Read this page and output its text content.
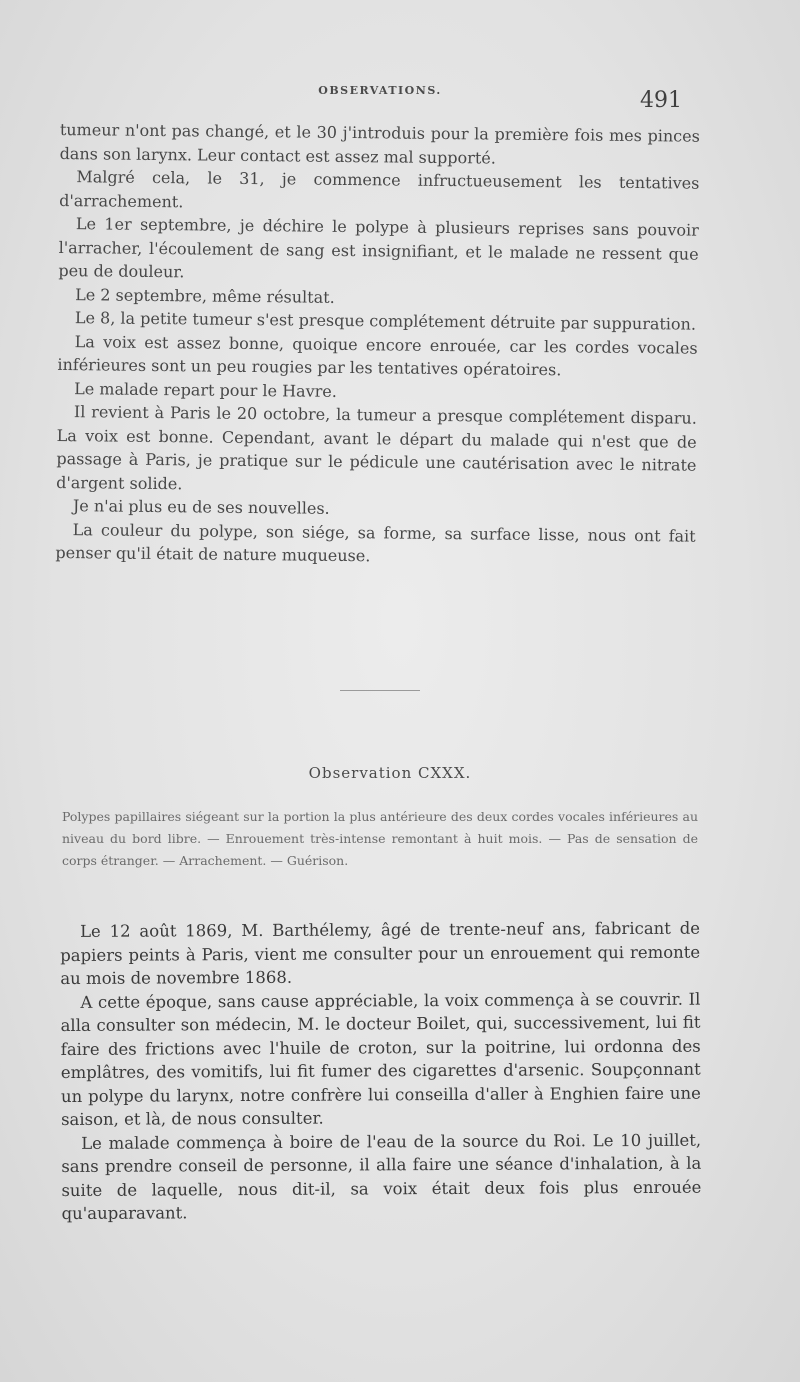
OBSERVATIONS.	491

tumeur n'ont pas changé, et le 30 j'introduis pour la première fois mes pinces dans son larynx. Leur contact est assez mal supporté.

Malgré cela, le 31, je commence infructueusement les tentatives d'arrachement.

Le 1er septembre, je déchire le polype à plusieurs reprises sans pouvoir l'arracher, l'écoulement de sang est insignifiant, et le malade ne ressent que peu de douleur.

Le 2 septembre, même résultat.

Le 8, la petite tumeur s'est presque complétement détruite par suppuration.

La voix est assez bonne, quoique encore enrouée, car les cordes vocales inférieures sont un peu rougies par les tentatives opératoires.

Le malade repart pour le Havre.

Il revient à Paris le 20 octobre, la tumeur a presque complétement disparu. La voix est bonne. Cependant, avant le départ du malade qui n'est que de passage à Paris, je pratique sur le pédicule une cautérisation avec le nitrate d'argent solide.

Je n'ai plus eu de ses nouvelles.

La couleur du polype, son siége, sa forme, sa surface lisse, nous ont fait penser qu'il était de nature muqueuse.

Observation CXXX.

Polypes papillaires siégeant sur la portion la plus antérieure des deux cordes vocales inférieures au niveau du bord libre. — Enrouement très-intense remontant à huit mois. — Pas de sensation de corps étranger. — Arrachement. — Guérison.

Le 12 août 1869, M. Barthélemy, âgé de trente-neuf ans, fabricant de papiers peints à Paris, vient me consulter pour un enrouement qui remonte au mois de novembre 1868.

A cette époque, sans cause appréciable, la voix commença à se couvrir. Il alla consulter son médecin, M. le docteur Boilet, qui, successivement, lui fit faire des frictions avec l'huile de croton, sur la poitrine, lui ordonna des emplâtres, des vomitifs, lui fit fumer des cigarettes d'arsenic. Soupçonnant un polype du larynx, notre confrère lui conseilla d'aller à Enghien faire une saison, et là, de nous consulter.

Le malade commença à boire de l'eau de la source du Roi. Le 10 juillet, sans prendre conseil de personne, il alla faire une séance d'inhalation, à la suite de laquelle, nous dit-il, sa voix était deux fois plus enrouée qu'auparavant.
